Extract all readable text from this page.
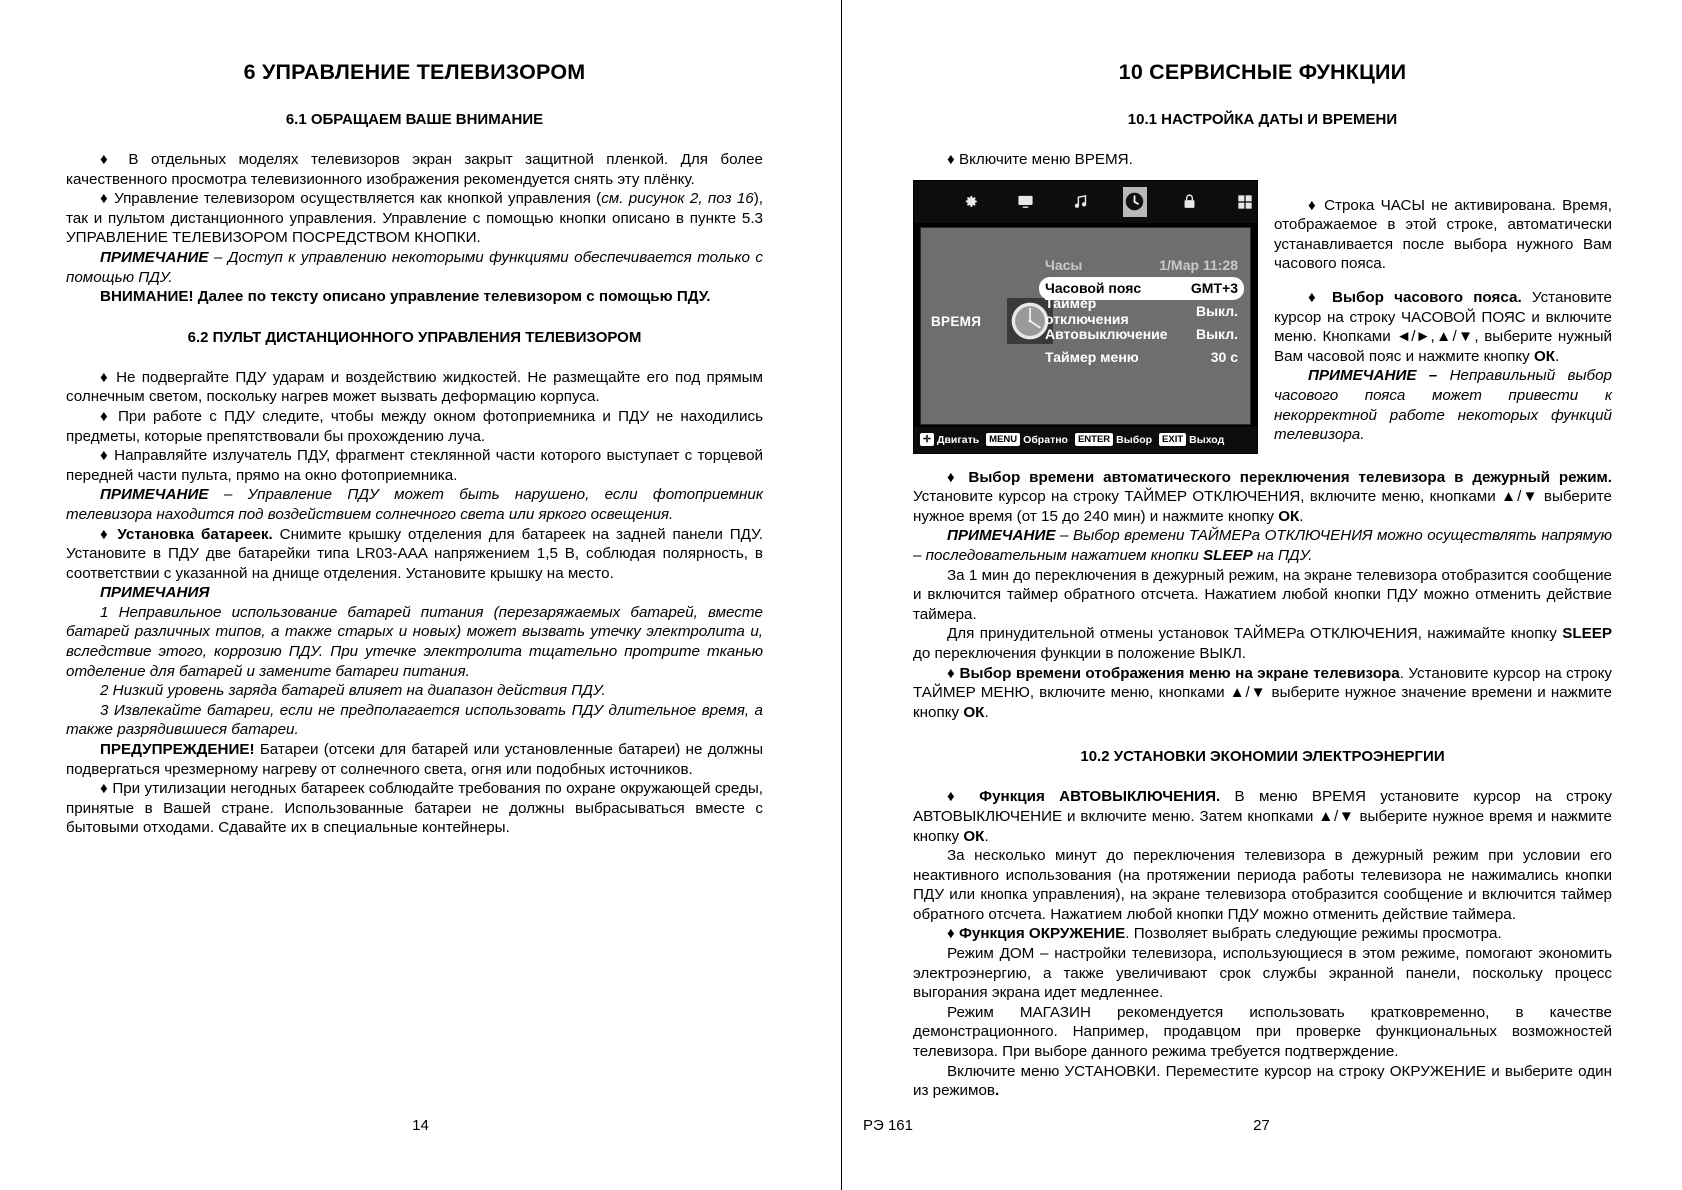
6 УПРАВЛЕНИЕ ТЕЛЕВИЗОРОМ
6.1 ОБРАЩАЕМ ВАШЕ ВНИМАНИЕ

♦ В отдельных моделях телевизоров экран закрыт защитной пленкой. Для более качественного просмотра телевизионного изображения рекомендуется снять эту плёнку.

♦ Управление телевизором осуществляется как кнопкой управления (см. рисунок 2, поз 16), так и пультом дистанционного управления. Управление с помощью кнопки описано в пункте 5.3 УПРАВЛЕНИЕ ТЕЛЕВИЗОРОМ ПОСРЕДСТВОМ КНОПКИ.

ПРИМЕЧАНИЕ – Доступ к управлению некоторыми функциями обеспечивается только с помощью ПДУ.

ВНИМАНИЕ! Далее по тексту описано управление телевизором с помощью ПДУ.

6.2 ПУЛЬТ ДИСТАНЦИОННОГО УПРАВЛЕНИЯ ТЕЛЕВИЗОРОМ

♦ Не подвергайте ПДУ ударам и воздействию жидкостей. Не размещайте его под прямым солнечным светом, поскольку нагрев может вызвать деформацию корпуса.

♦ При работе с ПДУ следите, чтобы между окном фотоприемника и ПДУ не находились предметы, которые препятствовали бы прохождению луча.

♦ Направляйте излучатель ПДУ, фрагмент стеклянной части которого выступает с торцевой передней части пульта, прямо на окно фотоприемника.

ПРИМЕЧАНИЕ – Управление ПДУ может быть нарушено, если фотоприемник телевизора находится под воздействием солнечного света или яркого освещения.

♦ Установка батареек. Снимите крышку отделения для батареек на задней панели ПДУ. Установите в ПДУ две батарейки типа LR03-AAA напряжением 1,5 В, соблюдая полярность, в соответствии с указанной на днище отделения. Установите крышку на место.

ПРИМЕЧАНИЯ

1 Неправильное использование батарей питания (перезаряжаемых батарей, вместе батарей различных типов, а также старых и новых) может вызвать утечку электролита и, вследствие этого, коррозию ПДУ. При утечке электролита тщательно протрите тканью отделение для батарей и замените батареи питания.

2 Низкий уровень заряда батарей влияет на диапазон действия ПДУ.

3 Извлекайте батареи, если не предполагается использовать ПДУ длительное время, а также разрядившиеся батареи.

ПРЕДУПРЕЖДЕНИЕ! Батареи (отсеки для батарей или установленные батареи) не должны подвергаться чрезмерному нагреву от солнечного света, огня или подобных источников.

♦ При утилизации негодных батареек соблюдайте требования по охране окружающей среды, принятые в Вашей стране. Использованные батареи не должны выбрасываться вместе с бытовыми отходами. Сдавайте их в специальные контейнеры.

10 СЕРВИСНЫЕ ФУНКЦИИ
10.1 НАСТРОЙКА ДАТЫ И ВРЕМЕНИ

♦ Включите меню ВРЕМЯ.

ВРЕМЯ
Часы	1/Мар 11:28
Часовой пояс	GMT+3
Таймер отключения	Выкл.
Автовыключение Выкл.
Таймер меню	30 с
✛ Двигать	MENU Обратно	ENTER Выбор	EXIT Выход

♦ Строка ЧАСЫ не активирована. Время, отображаемое в этой строке, автоматически устанавливается после выбора нужного Вам часового пояса.

♦ Выбор часового пояса. Установите курсор на строку ЧАСОВОЙ ПОЯС и включите меню. Кнопками ◄/►,▲/▼, выберите нужный Вам часовой пояс и нажмите кнопку ОК.

ПРИМЕЧАНИЕ – Неправильный выбор часового пояса может привести к некорректной работе некоторых функций телевизора.

♦ Выбор времени автоматического переключения телевизора в дежурный режим. Установите курсор на строку ТАЙМЕР ОТКЛЮЧЕНИЯ, включите меню, кнопками ▲/▼ выберите нужное время (от 15 до 240 мин) и нажмите кнопку ОК.

ПРИМЕЧАНИЕ – Выбор времени ТАЙМЕРа ОТКЛЮЧЕНИЯ можно осуществлять напрямую – последовательным нажатием кнопки SLEEP на ПДУ.

За 1 мин до переключения в дежурный режим, на экране телевизора отобразится сообщение и включится таймер обратного отсчета. Нажатием любой кнопки ПДУ можно отменить действие таймера.

Для принудительной отмены установок ТАЙМЕРа ОТКЛЮЧЕНИЯ, нажимайте кнопку SLEEP до переключения функции в положение ВЫКЛ.

♦ Выбор времени отображения меню на экране телевизора. Установите курсор на строку ТАЙМЕР МЕНЮ, включите меню, кнопками ▲/▼ выберите нужное значение времени и нажмите кнопку ОК.

10.2 УСТАНОВКИ ЭКОНОМИИ ЭЛЕКТРОЭНЕРГИИ

♦ Функция АВТОВЫКЛЮЧЕНИЯ. В меню ВРЕМЯ установите курсор на строку АВТОВЫКЛЮЧЕНИЕ и включите меню. Затем кнопками ▲/▼ выберите нужное время и нажмите кнопку ОК.

За несколько минут до переключения телевизора в дежурный режим при условии его неактивного использования (на протяжении периода работы телевизора не нажимались кнопки ПДУ или кнопка управления), на экране телевизора отобразится сообщение и включится таймер обратного отсчета. Нажатием любой кнопки ПДУ можно отменить действие таймера.

♦ Функция ОКРУЖЕНИЕ. Позволяет выбрать следующие режимы просмотра.

Режим ДОМ – настройки телевизора, использующиеся в этом режиме, помогают экономить электроэнергию, а также увеличивают срок службы экранной панели, поскольку процесс выгорания экрана идет медленнее.

Режим МАГАЗИН рекомендуется использовать кратковременно, в качестве демонстрационного. Например, продавцом при проверке функциональных возможностей телевизора. При выборе данного режима требуется подтверждение.

Включите меню УСТАНОВКИ. Переместите курсор на строку ОКРУЖЕНИЕ и выберите один из режимов.

14	РЭ 161	27
